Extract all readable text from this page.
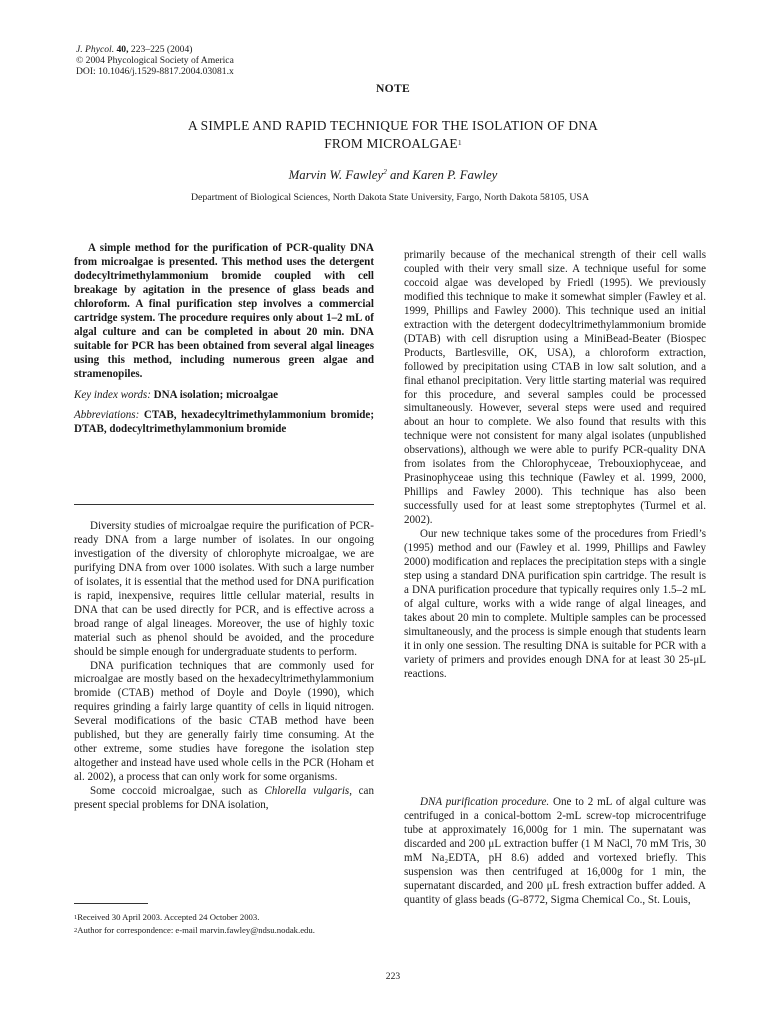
J. Phycol. 40, 223–225 (2004)
© 2004 Phycological Society of America
DOI: 10.1046/j.1529-8817.2004.03081.x
NOTE
A SIMPLE AND RAPID TECHNIQUE FOR THE ISOLATION OF DNA
FROM MICROALGAE$^1$
Marvin W. Fawley$^2$ and Karen P. Fawley
Department of Biological Sciences, North Dakota State University, Fargo, North Dakota 58105, USA

A simple method for the purification of PCR-quality DNA from microalgae is presented. This method uses the detergent dodecyltrimethylammonium bromide coupled with cell breakage by agitation in the presence of glass beads and chloroform. A final purification step involves a commercial cartridge system. The procedure requires only about 1–2 mL of algal culture and can be completed in about 20 min. DNA suitable for PCR has been obtained from several algal lineages using this method, including numerous green algae and stramenopiles.

Key index words: DNA isolation; microalgae

Abbreviations: CTAB, hexadecyltrimethylammonium bromide; DTAB, dodecyltrimethylammonium bromide

Diversity studies of microalgae require the purification of PCR-ready DNA from a large number of isolates. In our ongoing investigation of the diversity of chlorophyte microalgae, we are purifying DNA from over 1000 isolates. With such a large number of isolates, it is essential that the method used for DNA purification is rapid, inexpensive, requires little cellular material, results in DNA that can be used directly for PCR, and is effective across a broad range of algal lineages. Moreover, the use of highly toxic material such as phenol should be avoided, and the procedure should be simple enough for undergraduate students to perform.

DNA purification techniques that are commonly used for microalgae are mostly based on the hexadecyltrimethylammonium bromide (CTAB) method of Doyle and Doyle (1990), which requires grinding a fairly large quantity of cells in liquid nitrogen. Several modifications of the basic CTAB method have been published, but they are generally fairly time consuming. At the other extreme, some studies have foregone the isolation step altogether and instead have used whole cells in the PCR (Hoham et al. 2002), a process that can only work for some organisms.

Some coccoid microalgae, such as Chlorella vulgaris, can present special problems for DNA isolation,

primarily because of the mechanical strength of their cell walls coupled with their very small size. A technique useful for some coccoid algae was developed by Friedl (1995). We previously modified this technique to make it somewhat simpler (Fawley et al. 1999, Phillips and Fawley 2000). This technique used an initial extraction with the detergent dodecyltrimethylammonium bromide (DTAB) with cell disruption using a MiniBead-Beater (Biospec Products, Bartlesville, OK, USA), a chloroform extraction, followed by precipitation using CTAB in low salt solution, and a final ethanol precipitation. Very little starting material was required for this procedure, and several samples could be processed simultaneously. However, several steps were used and required about an hour to complete. We also found that results with this technique were not consistent for many algal isolates (unpublished observations), although we were able to purify PCR-quality DNA from isolates from the Chlorophyceae, Trebouxiophyceae, and Prasinophyceae using this technique (Fawley et al. 1999, 2000, Phillips and Fawley 2000). This technique has also been successfully used for at least some streptophytes (Turmel et al. 2002).

Our new technique takes some of the procedures from Friedl’s (1995) method and our (Fawley et al. 1999, Phillips and Fawley 2000) modification and replaces the precipitation steps with a single step using a standard DNA purification spin cartridge. The result is a DNA purification procedure that typically requires only 1.5–2 mL of algal culture, works with a wide range of algal lineages, and takes about 20 min to complete. Multiple samples can be processed simultaneously, and the process is simple enough that students learn it in only one session. The resulting DNA is suitable for PCR with a variety of primers and provides enough DNA for at least 30 25-μL reactions.

DNA purification procedure. One to 2 mL of algal culture was centrifuged in a conical-bottom 2-mL screw-top microcentrifuge tube at approximately 16,000g for 1 min. The supernatant was discarded and 200 μL extraction buffer (1 M NaCl, 70 mM Tris, 30 mM Na₂EDTA, pH 8.6) added and vortexed briefly. This suspension was then centrifuged at 16,000g for 1 min, the supernatant discarded, and 200 μL fresh extraction buffer added. A quantity of glass beads (G-8772, Sigma Chemical Co., St. Louis,

$^1$Received 30 April 2003. Accepted 24 October 2003.
$^2$Author for correspondence: e-mail marvin.fawley@ndsu.nodak.edu.
223
